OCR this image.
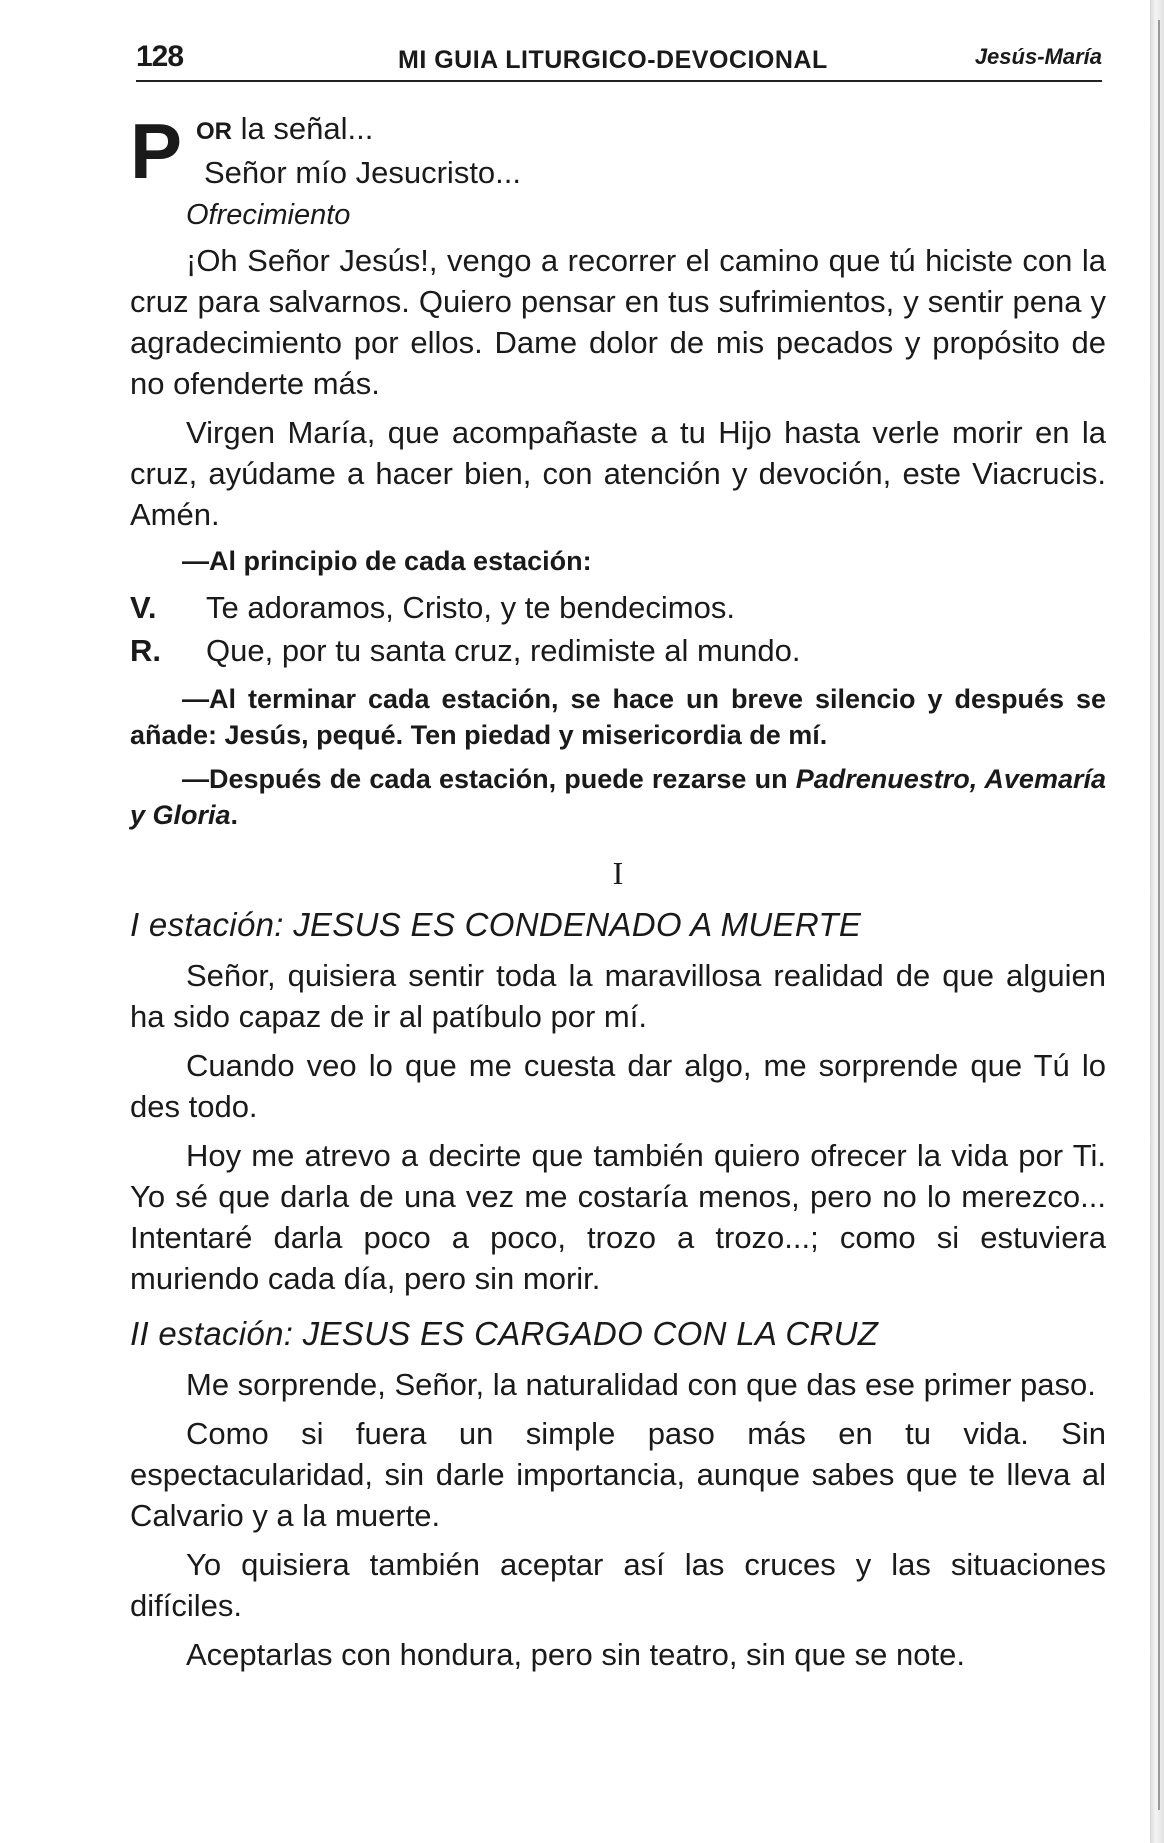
128	MI GUIA LITURGICO-DEVOCIONAL	Jesús-María
P OR la señal...
Señor mío Jesucristo...
Ofrecimiento

¡Oh Señor Jesús!, vengo a recorrer el camino que tú hiciste con la cruz para salvarnos. Quiero pensar en tus sufrimientos, y sentir pena y agradecimiento por ellos. Dame dolor de mis pecados y propósito de no ofenderte más.

Virgen María, que acompañaste a tu Hijo hasta verle morir en la cruz, ayúdame a hacer bien, con atención y devoción, este Viacrucis. Amén.

—Al principio de cada estación:

V.	Te adoramos, Cristo, y te bendecimos.
R.	Que, por tu santa cruz, redimiste al mundo.

—Al terminar cada estación, se hace un breve silencio y después se añade: Jesús, pequé. Ten piedad y misericordia de mí.

—Después de cada estación, puede rezarse un Padrenuestro, Avemaría y Gloria.

I
I estación: JESUS ES CONDENADO A MUERTE

Señor, quisiera sentir toda la maravillosa realidad de que alguien ha sido capaz de ir al patíbulo por mí.

Cuando veo lo que me cuesta dar algo, me sorprende que Tú lo des todo.

Hoy me atrevo a decirte que también quiero ofrecer la vida por Ti. Yo sé que darla de una vez me costaría menos, pero no lo merezco... Intentaré darla poco a poco, trozo a trozo...; como si estuviera muriendo cada día, pero sin morir.

II estación: JESUS ES CARGADO CON LA CRUZ

Me sorprende, Señor, la naturalidad con que das ese primer paso.

Como si fuera un simple paso más en tu vida. Sin espectacularidad, sin darle importancia, aunque sabes que te lleva al Calvario y a la muerte.

Yo quisiera también aceptar así las cruces y las situaciones difíciles.

Aceptarlas con hondura, pero sin teatro, sin que se note.
